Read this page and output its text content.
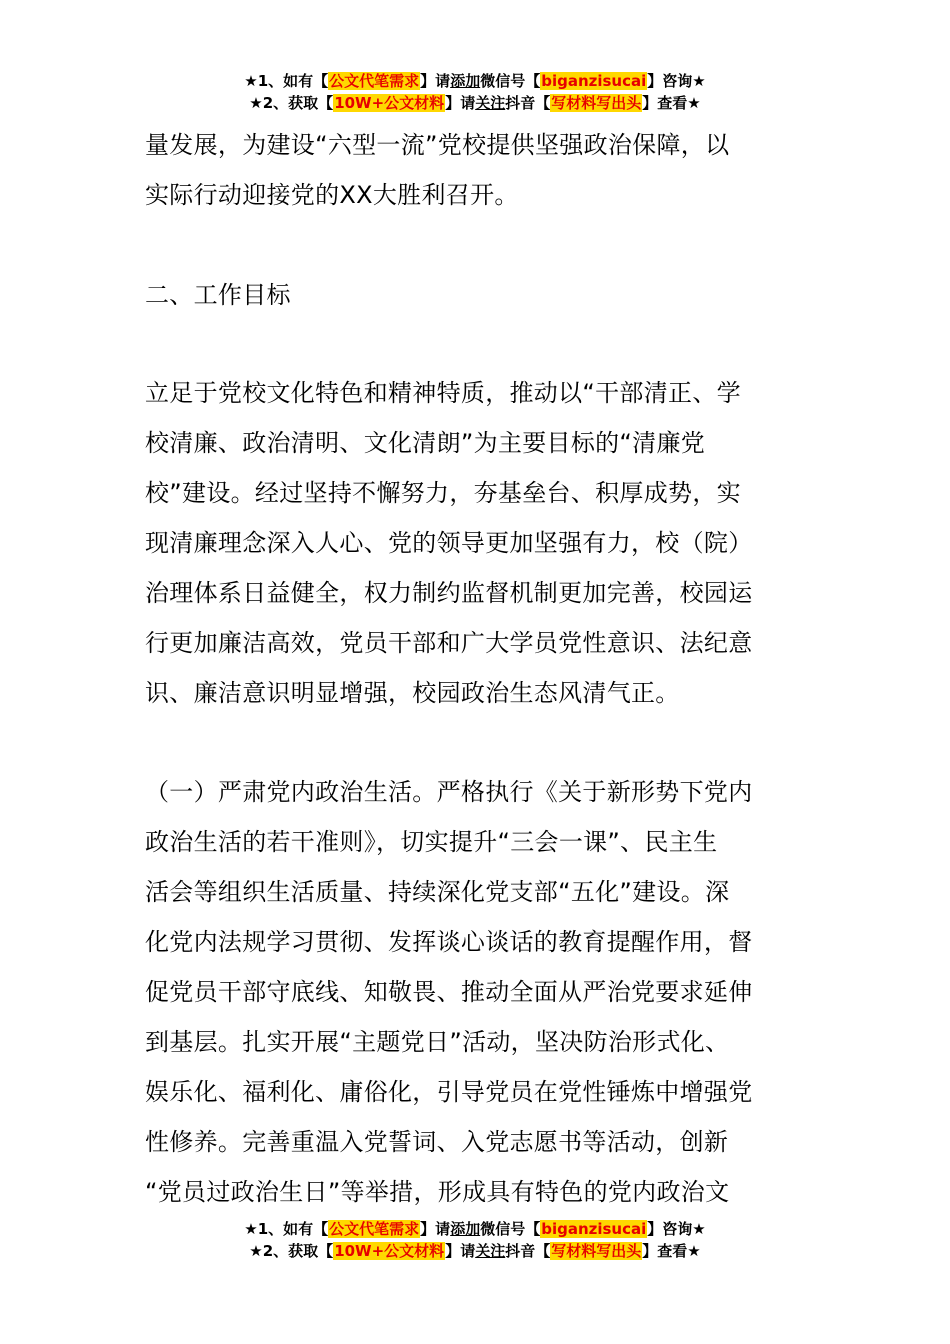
★1、如有【公文代笔需求】请添加微信号【biganzisucai】咨询★
★2、获取【10W+公文材料】请关注抖音【写材料写出头】查看★

量发展，为建设“六型一流”党校提供坚强政治保障，以

实际行动迎接党的XX大胜利召开。

二、工作目标

立足于党校文化特色和精神特质，推动以“干部清正、学

校清廉、政治清明、文化清朗”为主要目标的“清廉党

校”建设。经过坚持不懈努力，夯基垒台、积厚成势，实

现清廉理念深入人心、党的领导更加坚强有力，校（院）

治理体系日益健全，权力制约监督机制更加完善，校园运

行更加廉洁高效，党员干部和广大学员党性意识、法纪意

识、廉洁意识明显增强，校园政治生态风清气正。

（一）严肃党内政治生活。严格执行《关于新形势下党内

政治生活的若干准则》，切实提升“三会一课”、民主生

活会等组织生活质量、持续深化党支部“五化”建设。深

化党内法规学习贯彻、发挥谈心谈话的教育提醒作用，督

促党员干部守底线、知敬畏、推动全面从严治党要求延伸

到基层。扎实开展“主题党日”活动，坚决防治形式化、

娱乐化、福利化、庸俗化，引导党员在党性锤炼中增强党

性修养。完善重温入党誓词、入党志愿书等活动，创新

“党员过政治生日”等举措，形成具有特色的党内政治文

★1、如有【公文代笔需求】请添加微信号【biganzisucai】咨询★
★2、获取【10W+公文材料】请关注抖音【写材料写出头】查看★
